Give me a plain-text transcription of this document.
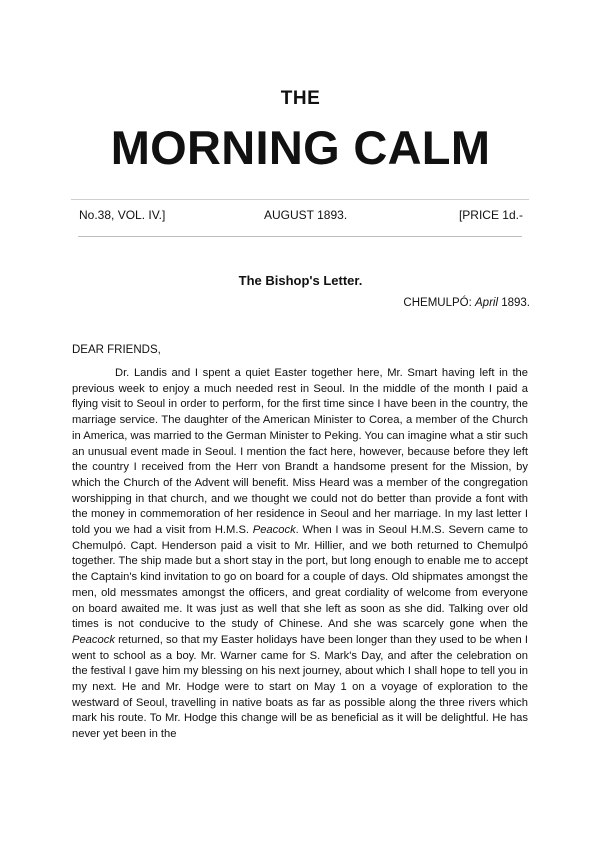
THE
MORNING CALM
No.38, VOL. IV.]	AUGUST 1893.	[PRICE 1d.-
The Bishop's Letter.
CHEMULPÓ: April 1893.
DEAR FRIENDS,

Dr. Landis and I spent a quiet Easter together here, Mr. Smart having left in the previous week to enjoy a much needed rest in Seoul. In the middle of the month I paid a flying visit to Seoul in order to perform, for the first time since I have been in the country, the marriage service. The daughter of the American Minister to Corea, a member of the Church in America, was married to the German Minister to Peking. You can imagine what a stir such an unusual event made in Seoul. I mention the fact here, however, because before they left the country I received from the Herr von Brandt a handsome present for the Mission, by which the Church of the Advent will benefit. Miss Heard was a member of the congregation worshipping in that church, and we thought we could not do better than provide a font with the money in commemoration of her residence in Seoul and her marriage. In my last letter I told you we had a visit from H.M.S. Peacock. When I was in Seoul H.M.S. Severn came to Chemulpó. Capt. Henderson paid a visit to Mr. Hillier, and we both returned to Chemulpó together. The ship made but a short stay in the port, but long enough to enable me to accept the Captain's kind invitation to go on board for a couple of days. Old shipmates amongst the men, old messmates amongst the officers, and great cordiality of welcome from everyone on board awaited me. It was just as well that she left as soon as she did. Talking over old times is not conducive to the study of Chinese. And she was scarcely gone when the Peacock returned, so that my Easter holidays have been longer than they used to be when I went to school as a boy. Mr. Warner came for S. Mark's Day, and after the celebration on the festival I gave him my blessing on his next journey, about which I shall hope to tell you in my next. He and Mr. Hodge were to start on May 1 on a voyage of exploration to the westward of Seoul, travelling in native boats as far as possible along the three rivers which mark his route. To Mr. Hodge this change will be as beneficial as it will be delightful. He has never yet been in the
